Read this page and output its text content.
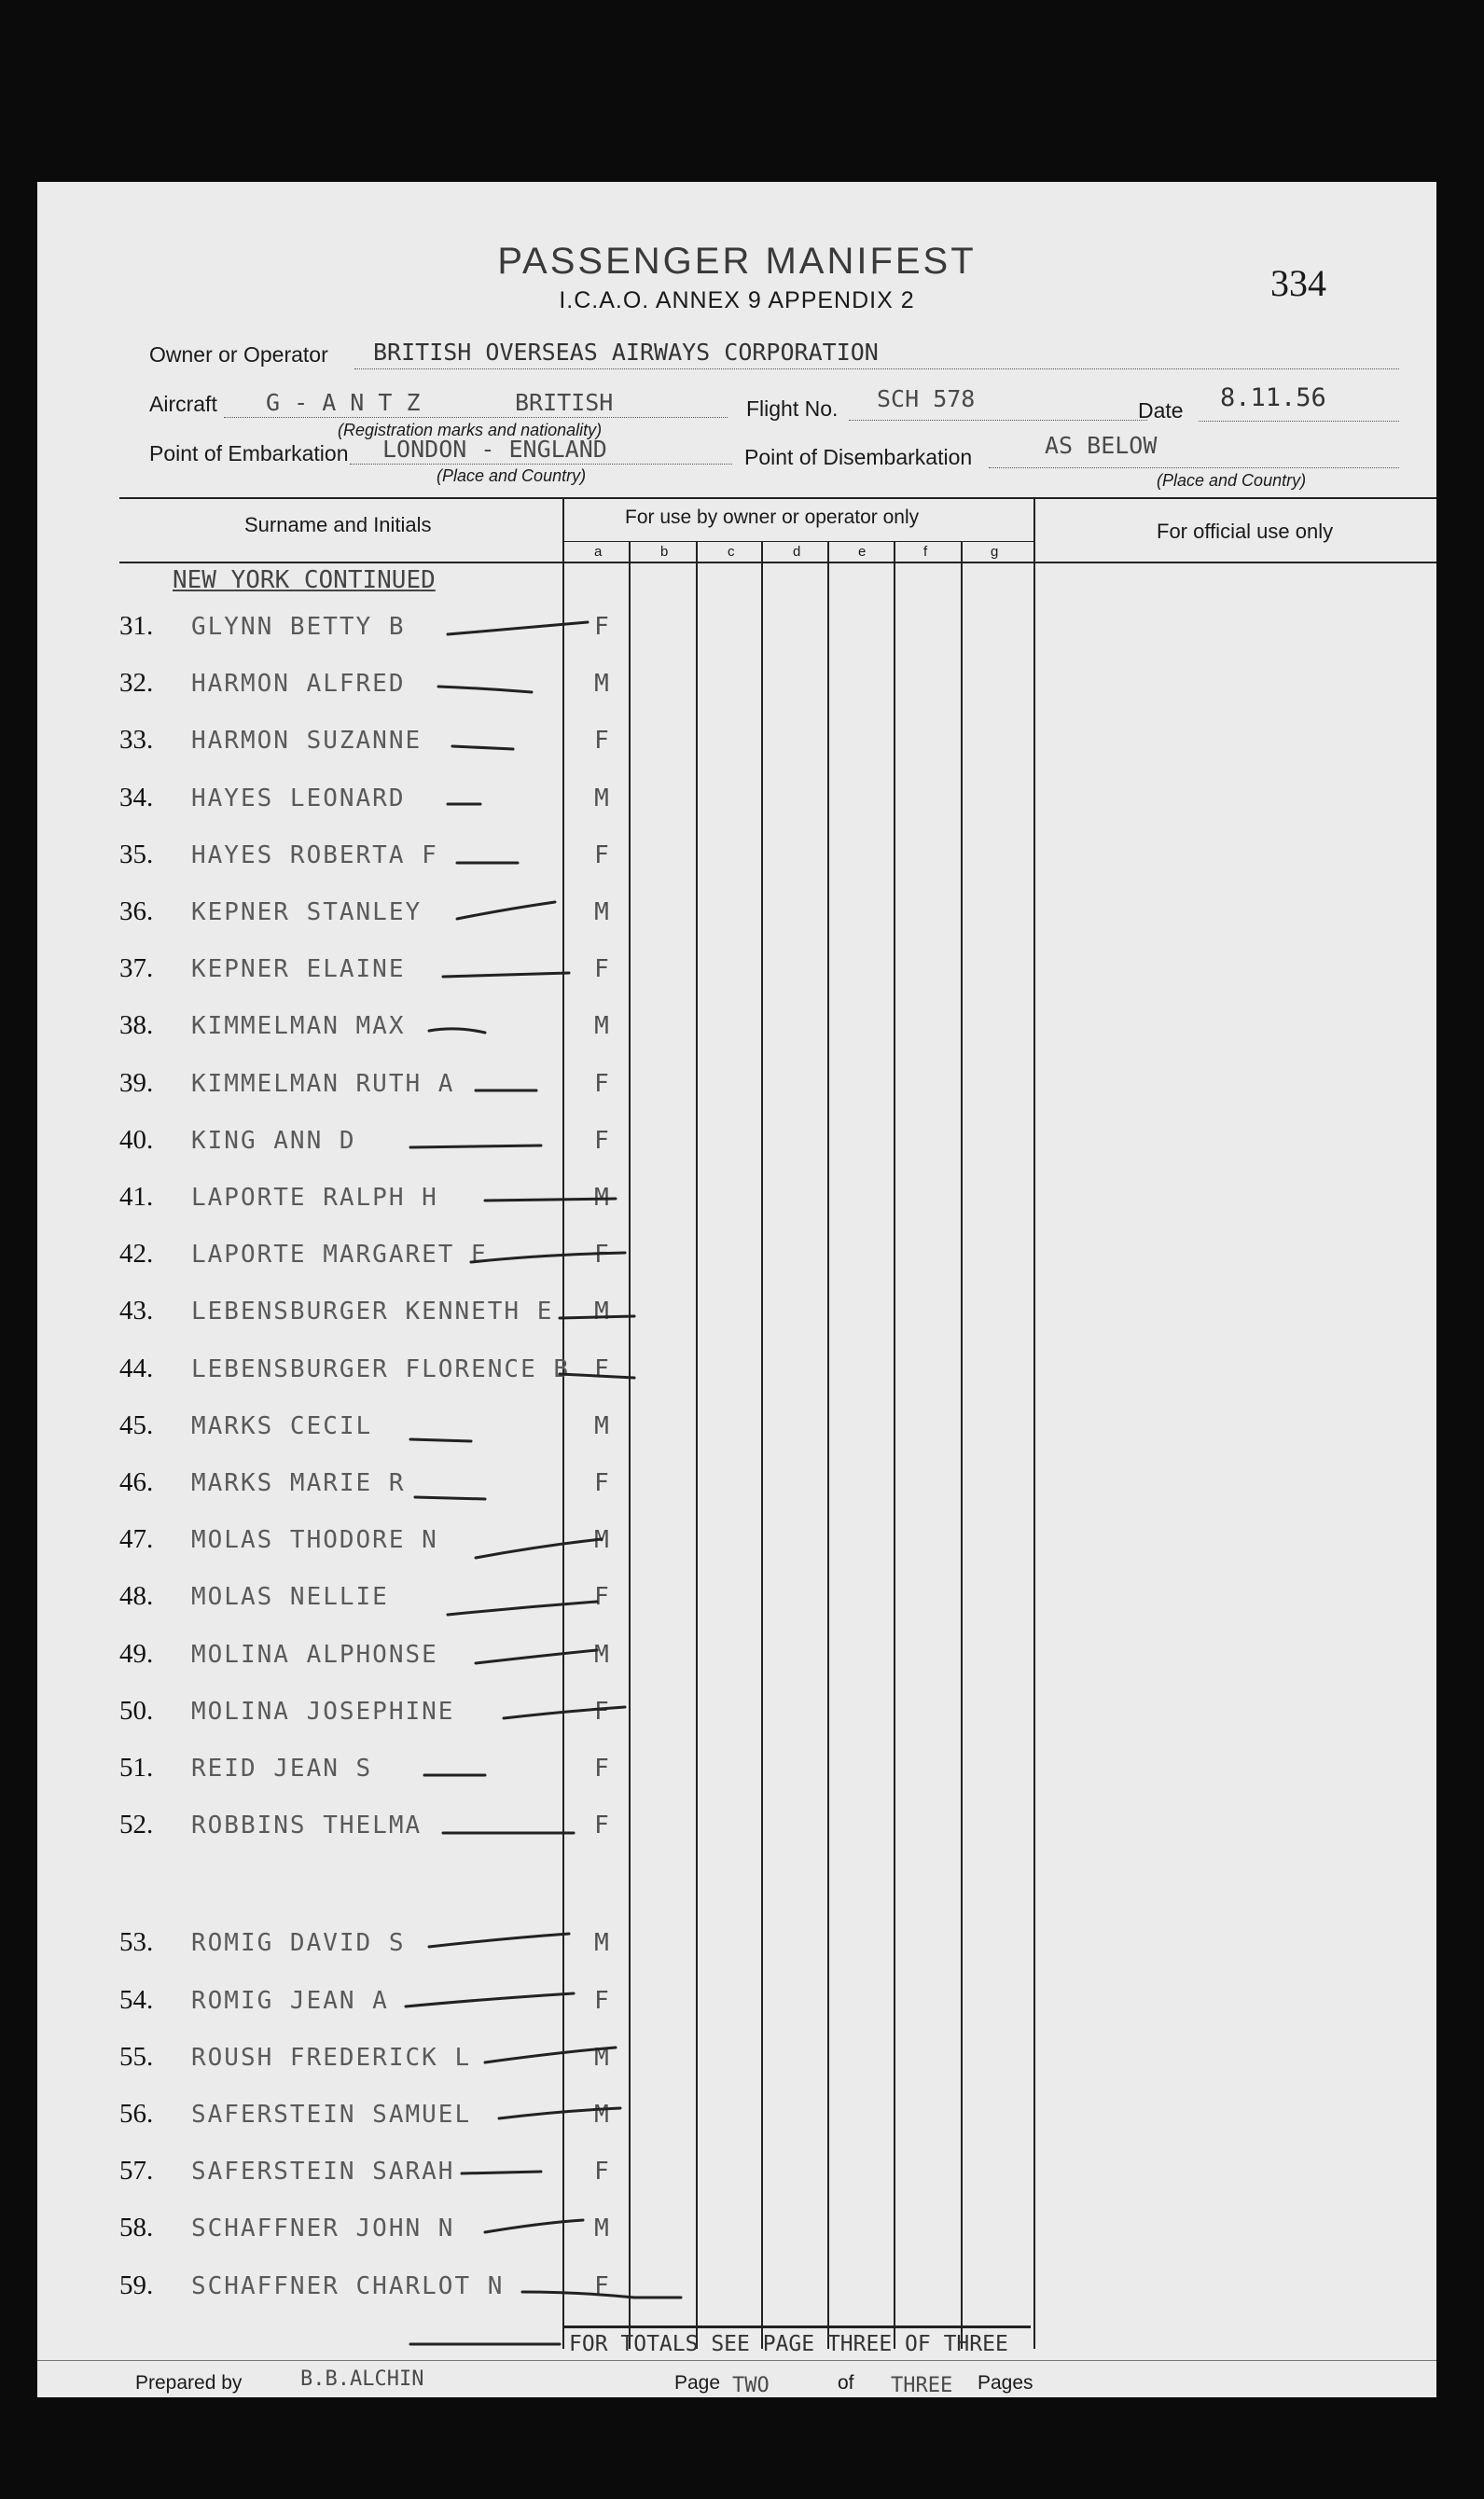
PASSENGER MANIFEST
I.C.A.O. ANNEX 9 APPENDIX 2	334
Owner or Operator BRITISH OVERSEAS AIRWAYS CORPORATION
Aircraft G - A N T Z	BRITISH
(Registration marks and nationality)
Flight No. SCH 578	Date 8.11.56
Point of Embarkation LONDON - ENGLAND
(Place and Country)
Point of Disembarkation	AS BELOW
(Place and Country)
Surname and Initials	For use by owner or operator only
For official use only
a	b	c	d	e	f	g
NEW YORK CONTINUED
31.	GLYNN BETTY B	F
32.	HARMON ALFRED	M
33.	HARMON SUZANNE	F
34.	HAYES LEONARD	M
35.	HAYES ROBERTA F	F
36.	KEPNER STANLEY	M
37.	KEPNER ELAINE	F
38.	KIMMELMAN MAX	M
39.	KIMMELMAN RUTH A	F
40.	KING ANN D	F
41.	LAPORTE RALPH H	M
42.	LAPORTE MARGARET E	F
43.	LEBENSBURGER KENNETH E M
44.	LEBENSBURGER FLORENCE B F
45.	MARKS CECIL	M
46.	MARKS MARIE R	F
47.	MOLAS THODORE N	M
48.	MOLAS NELLIE	F
49.	MOLINA ALPHONSE	M
50.	MOLINA JOSEPHINE	F
51.	REID JEAN S	F
52.	ROBBINS THELMA	F
53.	ROMIG DAVID S	M
54.	ROMIG JEAN A	F
55.	ROUSH FREDERICK L	M
56.	SAFERSTEIN SAMUEL	M
57.	SAFERSTEIN SARAH	F
58.	SCHAFFNER JOHN N	M
59.	SCHAFFNER CHARLOT N	F
FOR TOTALS SEE PAGE THREE OF THREE
Prepared by	B.B.ALCHIN	Page TWO	of THREE Pages
